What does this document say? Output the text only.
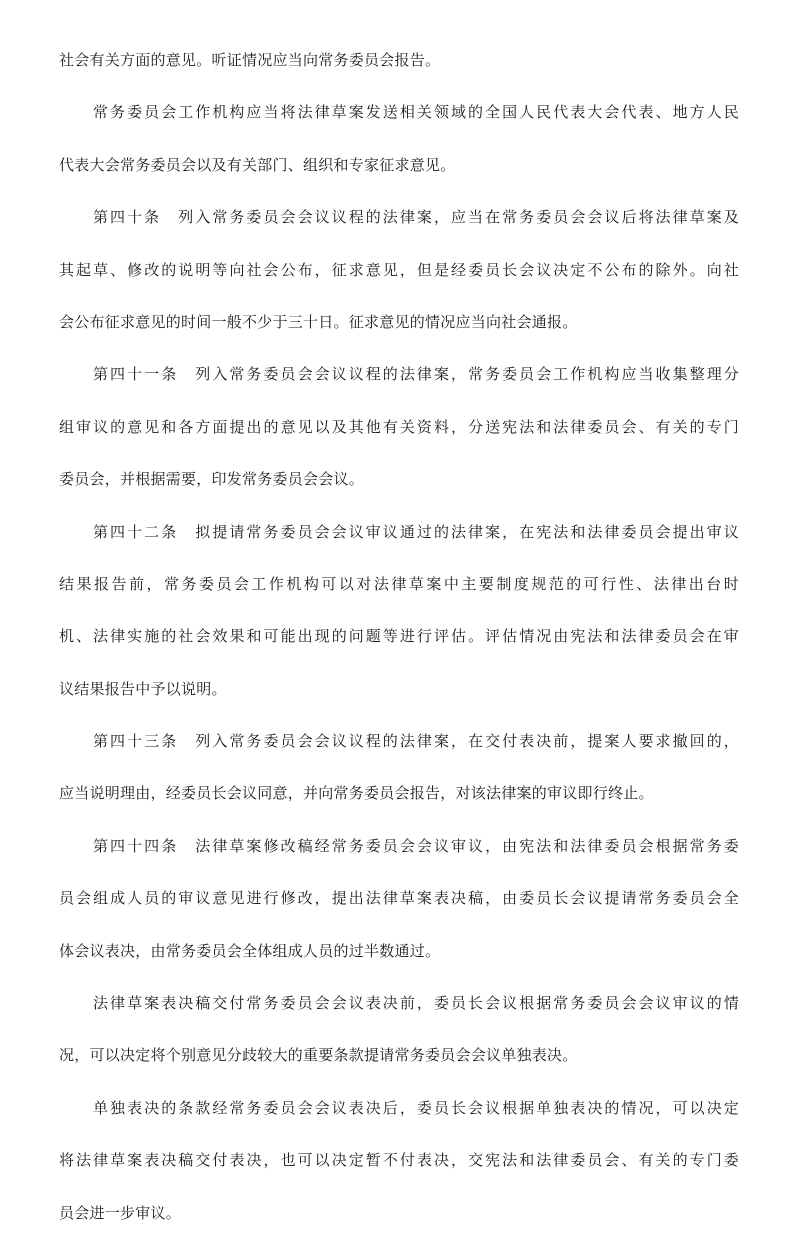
社会有关方面的意见。听证情况应当向常务委员会报告。
常务委员会工作机构应当将法律草案发送相关领域的全国人民代表大会代表、地方人民
代表大会常务委员会以及有关部门、组织和专家征求意见。
第四十条　列入常务委员会会议议程的法律案，应当在常务委员会会议后将法律草案及
其起草、修改的说明等向社会公布，征求意见，但是经委员长会议决定不公布的除外。向社
会公布征求意见的时间一般不少于三十日。征求意见的情况应当向社会通报。
第四十一条　列入常务委员会会议议程的法律案，常务委员会工作机构应当收集整理分
组审议的意见和各方面提出的意见以及其他有关资料，分送宪法和法律委员会、有关的专门
委员会，并根据需要，印发常务委员会会议。
第四十二条　拟提请常务委员会会议审议通过的法律案，在宪法和法律委员会提出审议
结果报告前，常务委员会工作机构可以对法律草案中主要制度规范的可行性、法律出台时
机、法律实施的社会效果和可能出现的问题等进行评估。评估情况由宪法和法律委员会在审
议结果报告中予以说明。
第四十三条　列入常务委员会会议议程的法律案，在交付表决前，提案人要求撤回的，
应当说明理由，经委员长会议同意，并向常务委员会报告，对该法律案的审议即行终止。
第四十四条　法律草案修改稿经常务委员会会议审议，由宪法和法律委员会根据常务委
员会组成人员的审议意见进行修改，提出法律草案表决稿，由委员长会议提请常务委员会全
体会议表决，由常务委员会全体组成人员的过半数通过。
法律草案表决稿交付常务委员会会议表决前，委员长会议根据常务委员会会议审议的情
况，可以决定将个别意见分歧较大的重要条款提请常务委员会会议单独表决。
单独表决的条款经常务委员会会议表决后，委员长会议根据单独表决的情况，可以决定
将法律草案表决稿交付表决，也可以决定暂不付表决，交宪法和法律委员会、有关的专门委
员会进一步审议。
